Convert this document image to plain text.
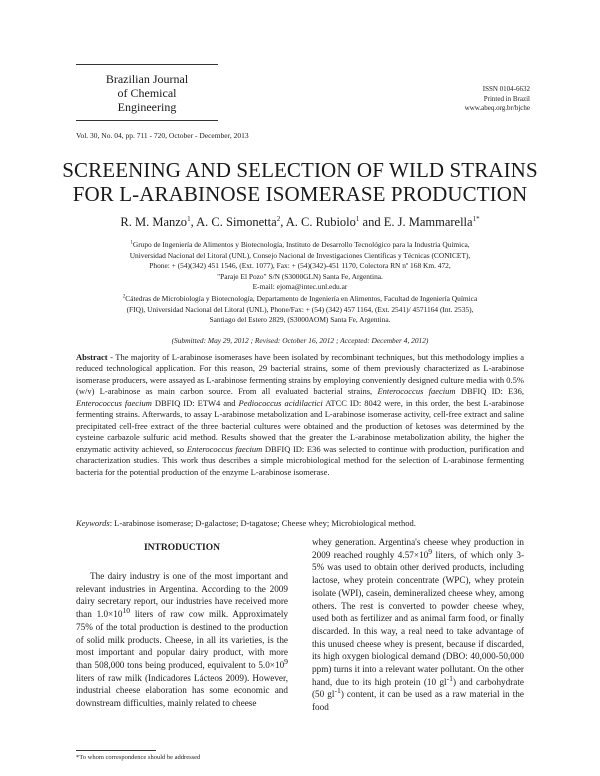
Brazilian Journal
of Chemical
Engineering
ISSN 0104-6632
Printed in Brazil
www.abeq.org.br/bjche
Vol. 30, No. 04, pp. 711 - 720, October - December, 2013
SCREENING AND SELECTION OF WILD STRAINS
FOR L-ARABINOSE ISOMERASE PRODUCTION
R. M. Manzo$^1$, A. C. Simonetta$^2$, A. C. Rubiolo$^1$ and E. J. Mammarella$^{1*}$
$^1$Grupo de Ingeniería de Alimentos y Biotecnología, Instituto de Desarrollo Tecnológico para la Industria Química,
Universidad Nacional del Litoral (UNL), Consejo Nacional de Investigaciones Científicas y Técnicas (CONICET),
Phone: + (54)(342) 451 1546, (Ext. 1077), Fax: + (54)(342)-451 1170, Colectora RN nº 168 Km. 472,
"Paraje El Pozo" S/N (S3000GLN) Santa Fe, Argentina.
E-mail: ejoma@intec.unl.edu.ar
$^2$Cátedras de Microbiología y Biotecnología, Departamento de Ingeniería en Alimentos, Facultad de Ingeniería Química
(FIQ), Universidad Nacional del Litoral (UNL), Phone/Fax: + (54) (342) 457 1164, (Ext. 2541)/ 4571164 (Int. 2535),
Santiago del Estero 2829, (S3000AOM) Santa Fe, Argentina.
(Submitted: May 29, 2012 ; Revised: October 16, 2012 ; Accepted: December 4, 2012)

Abstract - The majority of L-arabinose isomerases have been isolated by recombinant techniques, but this methodology implies a reduced technological application. For this reason, 29 bacterial strains, some of them previously characterized as L-arabinose isomerase producers, were assayed as L-arabinose fermenting strains by employing conveniently designed culture media with 0.5% (w/v) L-arabinose as main carbon source. From all evaluated bacterial strains, Enterococcus faecium DBFIQ ID: E36, Enterococcus faecium DBFIQ ID: ETW4 and Pediococcus acidilactici ATCC ID: 8042 were, in this order, the best L-arabinose fermenting strains. Afterwards, to assay L-arabinose metabolization and L-arabinose isomerase activity, cell-free extract and saline precipitated cell-free extract of the three bacterial cultures were obtained and the production of ketoses was determined by the cysteine carbazole sulfuric acid method. Results showed that the greater the L-arabinose metabolization ability, the higher the enzymatic activity achieved, so Enterococcus faecium DBFIQ ID: E36 was selected to continue with production, purification and characterization studies. This work thus describes a simple microbiological method for the selection of L-arabinose fermenting bacteria for the potential production of the enzyme L-arabinose isomerase.

Keywords: L-arabinose isomerase; D-galactose; D-tagatose; Cheese whey; Microbiological method.
INTRODUCTION

The dairy industry is one of the most important and relevant industries in Argentina. According to the 2009 dairy secretary report, our industries have received more than $1.0\times 10^{10}$ liters of raw cow milk. Approximately 75% of the total production is destined to the production of solid milk products. Cheese, in all its varieties, is the most important and popular dairy product, with more than 508,000 tons being produced, equivalent to $5.0\times 10^9$ liters of raw milk (Indicadores Lácteos 2009). However, industrial cheese elaboration has some economic and downstream difficulties, mainly related to cheese

whey generation. Argentina's cheese whey production in 2009 reached roughly $4.57\times 10^9$ liters, of which only 3-5% was used to obtain other derived products, including lactose, whey protein concentrate (WPC), whey protein isolate (WPI), casein, demineralized cheese whey, among others. The rest is converted to powder cheese whey, used both as fertilizer and as animal farm food, or finally discarded. In this way, a real need to take advantage of this unused cheese whey is present, because if discarded, its high oxygen biological demand (DBO: 40,000-50,000 ppm) turns it into a relevant water pollutant. On the other hand, due to its high protein (10 $gl^{-1}$) and carbohydrate (50 $gl^{-1}$) content, it can be used as a raw material in the food

*To whom correspondence should be addressed
